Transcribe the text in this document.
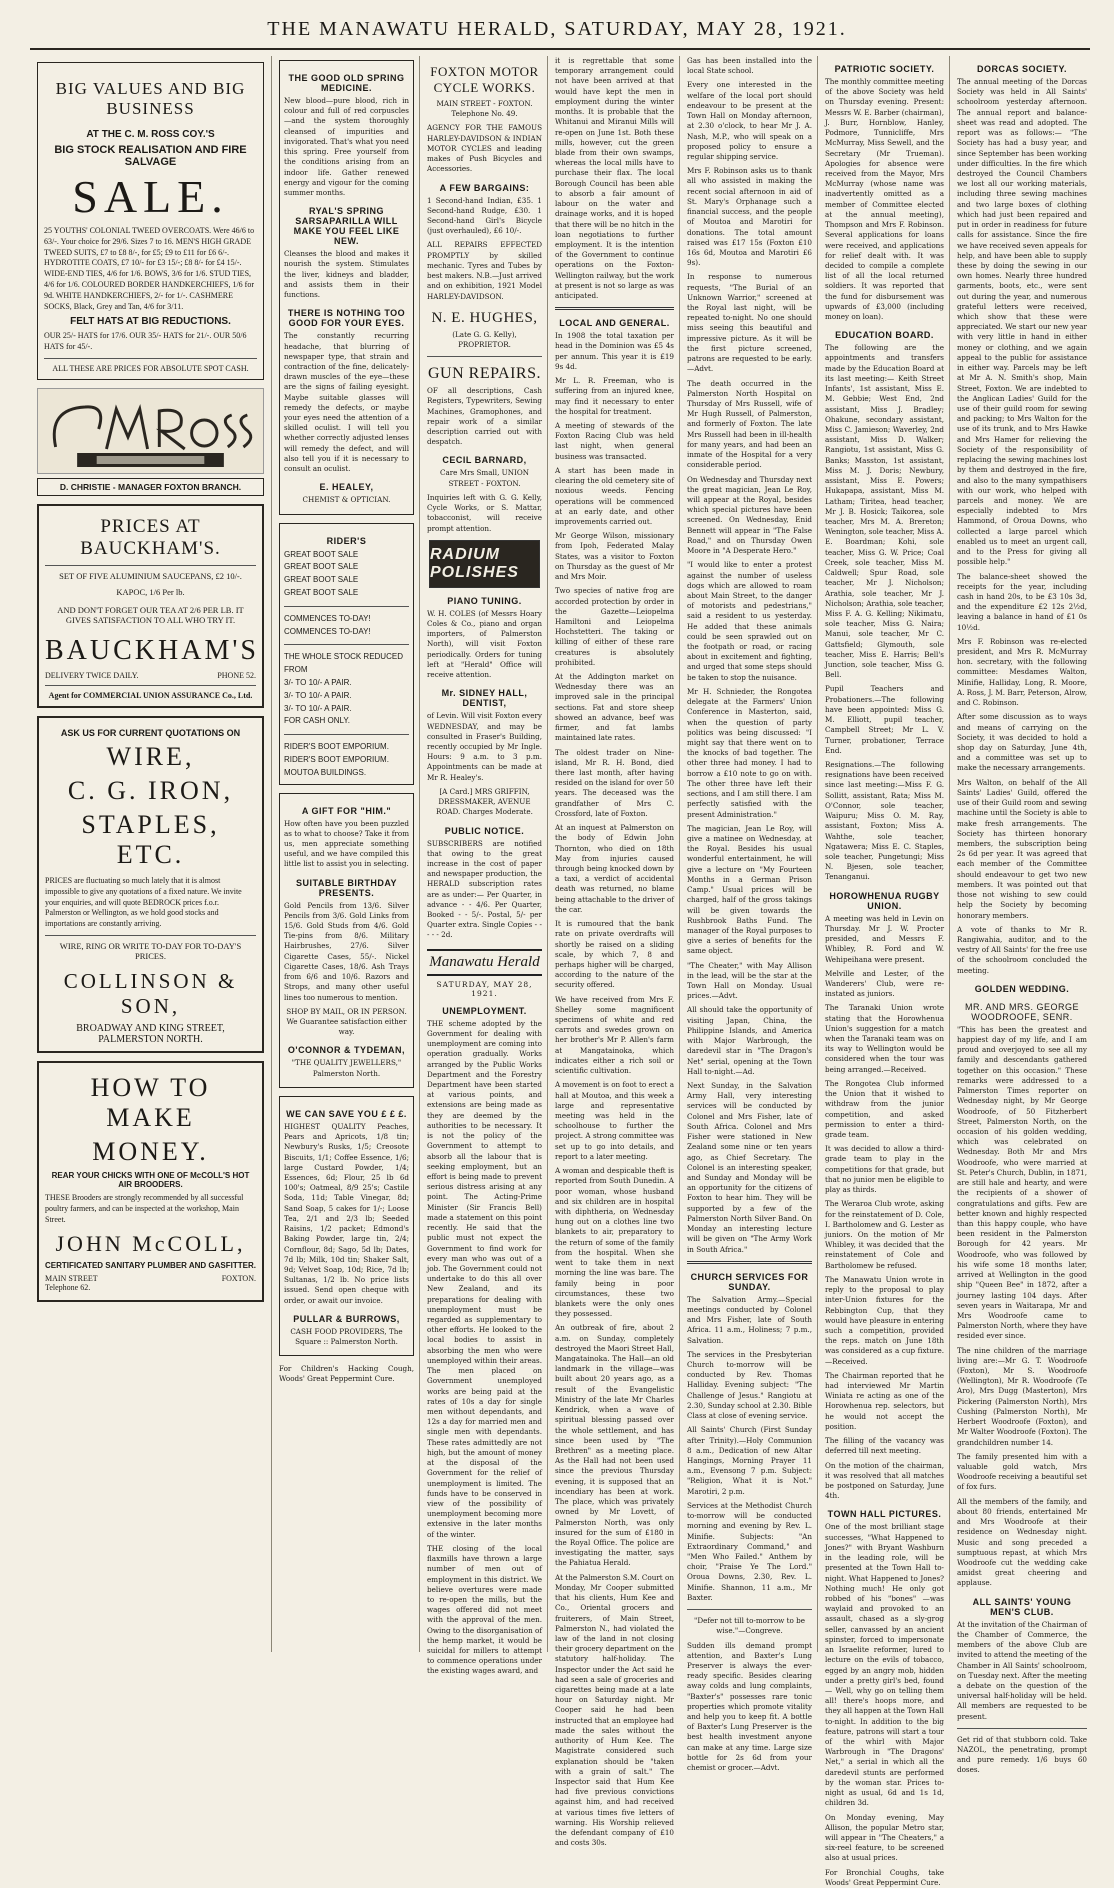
THE MANAWATU HERALD, SATURDAY, MAY 28, 1921.
BIG VALUES AND BIG
BUSINESS
AT THE C. M. ROSS COY.'S
BIG STOCK REALISATION AND FIRE SALVAGE
SALE.
25 YOUTHS' COLONIAL TWEED OVERCOATS. Were 46/6 to 63/-. Your choice for 29/6. Sizes 7 to 16. MEN'S HIGH GRADE TWEED SUITS, £7 to £8 8/-, for £5; £9 to £11 for £6 6/-. HYDROTITE COATS, £7 10/- for £3 15/-; £8 8/- for £4 15/-. WIDE-END TIES, 4/6 for 1/6. BOWS, 3/6 for 1/6. STUD TIES, 4/6 for 1/6. COLOURED BORDER HANDKERCHIEFS, 1/6 for 9d. WHITE HANDKERCHIEFS, 2/- for 1/-. CASHMERE SOCKS, Black, Grey and Tan, 4/6 for 3/11.
FELT HATS AT BIG REDUCTIONS.
OUR 25/- HATS for 17/6. OUR 35/- HATS for 21/-. OUR 50/6 HATS for 45/-.
ALL THESE ARE PRICES FOR ABSOLUTE SPOT CASH.
D. CHRISTIE - MANAGER FOXTON BRANCH.
PRICES AT BAUCKHAM'S.
SET OF FIVE ALUMINIUM SAUCEPANS, £2 10/-.
KAPOC, 1/6 Per lb.
AND DON'T FORGET OUR TEA AT 2/6 PER LB. IT GIVES SATISFACTION TO ALL WHO TRY IT.
BAUCKHAM'S
DELIVERY TWICE DAILY.	PHONE 52.
Agent for COMMERCIAL UNION ASSURANCE Co., Ltd.
ASK US FOR CURRENT QUOTATIONS ON
WIRE,
C. G. IRON,
STAPLES, ETC.
PRICES are fluctuating so much lately that it is almost impossible to give any quotations of a fixed nature. We invite your enquiries, and will quote BEDROCK prices f.o.r. Palmerston or Wellington, as we hold good stocks and importations are constantly arriving.
WIRE, RING OR WRITE TO-DAY FOR TO-DAY'S PRICES.
COLLINSON & SON,
BROADWAY AND KING STREET,
PALMERSTON NORTH.
HOW TO MAKE
MONEY.
REAR YOUR CHICKS WITH ONE OF McCOLL'S HOT AIR BROODERS.
THESE Brooders are strongly recommended by all successful poultry farmers, and can be inspected at the workshop, Main Street.
JOHN McCOLL,
CERTIFICATED SANITARY PLUMBER AND GASFITTER.
MAIN STREET	FOXTON.
Telephone 62.
THE GOOD OLD SPRING MEDICINE.
New blood—pure blood, rich in colour and full of red corpuscles—and the system thoroughly cleansed of impurities and invigorated. That's what you need this spring. Free yourself from the conditions arising from an indoor life. Gather renewed energy and vigour for the coming summer months.
RYAL'S SPRING SARSAPARILLA WILL MAKE YOU FEEL LIKE NEW.
Cleanses the blood and makes it nourish the system. Stimulates the liver, kidneys and bladder, and assists them in their functions.
THERE IS NOTHING TOO GOOD FOR YOUR EYES.
The constantly recurring headache, that blurring of newspaper type, that strain and contraction of the fine, delicately-drawn muscles of the eye—these are the signs of failing eyesight. Maybe suitable glasses will remedy the defects, or maybe your eyes need the attention of a skilled oculist. I will tell you whether correctly adjusted lenses will remedy the defect, and will also tell you if it is necessary to consult an oculist.
E. HEALEY,
CHEMIST & OPTICIAN.
RIDER'S
GREAT BOOT SALE
GREAT BOOT SALE
GREAT BOOT SALE
GREAT BOOT SALE
COMMENCES TO-DAY! COMMENCES TO-DAY!
THE WHOLE STOCK REDUCED FROM
3/- TO 10/- A PAIR.
3/- TO 10/- A PAIR.
3/- TO 10/- A PAIR.
FOR CASH ONLY.
RIDER'S BOOT EMPORIUM. RIDER'S BOOT EMPORIUM.
MOUTOA BUILDINGS.
A GIFT FOR "HIM."
How often have you been puzzled as to what to choose? Take it from us, men appreciate something useful, and we have compiled this little list to assist you in selecting.
SUITABLE BIRTHDAY PRESENTS.
Gold Pencils from 13/6. Silver Pencils from 3/6. Gold Links from 15/6. Gold Studs from 4/6. Gold Tie-pins from 8/6. Military Hairbrushes, 27/6. Silver Cigarette Cases, 55/-. Nickel Cigarette Cases, 18/6. Ash Trays from 6/6 and 10/6. Razors and Strops, and many other useful lines too numerous to mention.
SHOP BY MAIL, OR IN PERSON. We Guarantee satisfaction either way.
O'CONNOR & TYDEMAN,
"THE QUALITY JEWELLERS," Palmerston North.
WE CAN SAVE YOU £ £ £.
HIGHEST QUALITY Peaches, Pears and Apricots, 1/8 tin; Newbury's Rusks, 1/5; Creosote Biscuits, 1/1; Coffee Essence, 1/6; large Custard Powder, 1/4; Essences, 6d; Flour, 25 lb 6d 100's; Oatmeal, 8/9 25's; Castile Soda, 11d; Table Vinegar, 8d; Sand Soap, 5 cakes for 1/-; Loose Tea, 2/1 and 2/3 lb; Seeded Raisins, 1/2 packet; Edmond's Baking Powder, large tin, 2/4; Cornflour, 8d; Sago, 5d lb; Dates, 7d lb; Milk, 10d tin; Shaker Salt, 9d; Velvet Soap, 10d; Rice, 7d lb; Sultanas, 1/2 lb. No price lists issued. Send open cheque with order, or await our invoice.
PULLAR & BURROWS,
CASH FOOD PROVIDERS, The Square :: Palmerston North.
For Children's Hacking Cough, Woods' Great Peppermint Cure.
FOXTON MOTOR CYCLE WORKS.
MAIN STREET - FOXTON. Telephone No. 49.
AGENCY FOR THE FAMOUS HARLEY-DAVIDSON & INDIAN MOTOR CYCLES and leading makes of Push Bicycles and Accessories.
A FEW BARGAINS:
1 Second-hand Indian, £35. 1 Second-hand Rudge, £30. 1 Second-hand Girl's Bicycle (just overhauled), £6 10/-.
ALL REPAIRS EFFECTED PROMPTLY by skilled mechanic. Tyres and Tubes by best makers. N.B.—Just arrived and on exhibition, 1921 Model HARLEY-DAVIDSON.
N. E. HUGHES,
(Late G. G. Kelly), PROPRIETOR.
GUN REPAIRS.
OF all descriptions, Cash Registers, Typewriters, Sewing Machines, Gramophones, and repair work of a similar description carried out with despatch.
CECIL BARNARD,
Care Mrs Small, UNION STREET - FOXTON.
Inquiries left with G. G. Kelly, Cycle Works, or S. Mattar, tobacconist, will receive prompt attention.
RADIUM POLISHES
PIANO TUNING.
W. H. COLES (of Messrs Hoary Coles & Co., piano and organ importers, of Palmerston North), will visit Foxton periodically. Orders for tuning left at "Herald" Office will receive attention.
Mr. SIDNEY HALL, DENTIST,
of Levin. Will visit Foxton every WEDNESDAY, and may be consulted in Fraser's Building, recently occupied by Mr Ingle. Hours: 9 a.m. to 3 p.m. Appointments can be made at Mr R. Healey's.
[A Card.] MRS GRIFFIN, DRESSMAKER, AVENUE ROAD. Charges Moderate.
PUBLIC NOTICE.
SUBSCRIBERS are notified that owing to the great increase in the cost of paper and newspaper production, the HERALD subscription rates are as under:— Per Quarter, in advance - - 4/6. Per Quarter, Booked - - 5/-. Postal, 5/- per Quarter extra. Single Copies - - - - - 2d.
Manawatu Herald
SATURDAY, MAY 28, 1921.
UNEMPLOYMENT.
THE scheme adopted by the Government for dealing with unemployment are coming into operation gradually. Works arranged by the Public Works Department and the Forestry Department have been started at various points, and extensions are being made as they are deemed by the authorities to be necessary. It is not the policy of the Government to attempt to absorb all the labour that is seeking employment, but an effort is being made to prevent serious distress arising at any point. The Acting-Prime Minister (Sir Francis Bell) made a statement on this point recently. He said that the public must not expect the Government to find work for every man who was out of a job. The Government could not undertake to do this all over New Zealand, and its preparations for dealing with unemployment must be regarded as supplementary to other efforts. He looked to the local bodies to assist in absorbing the men who were unemployed within their areas. The men placed on Government unemployed works are being paid at the rates of 10s a day for single men without dependants, and 12s a day for married men and single men with dependants. These rates admittedly are not high, but the amount of money at the disposal of the Government for the relief of unemployment is limited. The funds have to be conserved in view of the possibility of unemployment becoming more extensive in the later months of the winter.
THE closing of the local flaxmills have thrown a large number of men out of employment in this district. We believe overtures were made to re-open the mills, but the wages offered did not meet with the approval of the men. Owing to the disorganisation of the hemp market, it would be suicidal for millers to attempt to commence operations under the existing wages award, and
it is regrettable that some temporary arrangement could not have been arrived at that would have kept the men in employment during the winter months. It is probable that the Whitanui and Miranui Mills will re-open on June 1st. Both these mills, however, cut the green blade from their own swamps, whereas the local mills have to purchase their flax. The local Borough Council has been able to absorb a fair amount of labour on the water and drainage works, and it is hoped that there will be no hitch in the loan negotiations to further employment. It is the intention of the Government to continue operations on the Foxton-Wellington railway, but the work at present is not so large as was anticipated.
LOCAL AND GENERAL.
In 1908 the total taxation per head in the Dominion was £5 4s per annum. This year it is £19 9s 4d.
Mr L. R. Freeman, who is suffering from an injured knee, may find it necessary to enter the hospital for treatment.
A meeting of stewards of the Foxton Racing Club was held last night, when general business was transacted.
A start has been made in clearing the old cemetery site of noxious weeds. Fencing operations will be commenced at an early date, and other improvements carried out.
Mr George Wilson, missionary from Ipoh, Federated Malay States, was a visitor to Foxton on Thursday as the guest of Mr and Mrs Moir.
Two species of native frog are accorded protection by order in the Gazette—Leiopelma Hamiltoni and Leiopelma Hochstetteri. The taking or killing of either of these rare creatures is absolutely prohibited.
At the Addington market on Wednesday there was an improved sale in the principal sections. Fat and store sheep showed an advance, beef was firmer, and fat lambs maintained late rates.
The oldest trader on Nine-island, Mr R. H. Bond, died there last month, after having resided on the island for over 50 years. The deceased was the grandfather of Mrs C. Crossford, late of Foxton.
At an inquest at Palmerston on the body of Edwin John Thornton, who died on 18th May from injuries caused through being knocked down by a taxi, a verdict of accidental death was returned, no blame being attachable to the driver of the car.
It is rumoured that the bank rate on private overdrafts will shortly be raised on a sliding scale, by which 7, 8 and perhaps higher will be charged, according to the nature of the security offered.
We have received from Mrs F. Shelley some magnificent specimens of white and red carrots and swedes grown on her brother's Mr P. Allen's farm at Mangatainoka, which indicates either a rich soil or scientific cultivation.
A movement is on foot to erect a hall at Moutoa, and this week a large and representative meeting was held in the schoolhouse to further the project. A strong committee was set up to go into details, and report to a later meeting.
A woman and despicable theft is reported from South Dunedin. A poor woman, whose husband and six children are in hospital with diphtheria, on Wednesday hung out on a clothes line two blankets to air, preparatory to the return of some of the family from the hospital. When she went to take them in next morning the line was bare. The family being in poor circumstances, these two blankets were the only ones they possessed.
An outbreak of fire, about 2 a.m. on Sunday, completely destroyed the Maori Street Hall, Mangatainoka. The Hall—an old landmark in the village—was built about 20 years ago, as a result of the Evangelistic Ministry of the late Mr Charles Kendrick, when a wave of spiritual blessing passed over the whole settlement, and has since been used by "The Brethren" as a meeting place. As the Hall had not been used since the previous Thursday evening, it is supposed that an incendiary has been at work. The place, which was privately owned by Mr Lovett, of Palmerston North, was only insured for the sum of £180 in the Royal Office. The police are investigating the matter, says the Pahiatua Herald.
At the Palmerston S.M. Court on Monday, Mr Cooper submitted that his clients, Hum Kee and Co., Oriental grocers and fruiterers, of Main Street, Palmerston N., had violated the law of the land in not closing their grocery department on the statutory half-holiday. The Inspector under the Act said he had seen a sale of groceries and cigarettes being made at a late hour on Saturday night. Mr Cooper said he had been instructed that an employee had made the sales without the authority of Hum Kee. The Magistrate considered such explanation should be "taken with a grain of salt." The Inspector said that Hum Kee had five previous convictions against him, and had received at various times five letters of warning. His Worship relieved the defendant company of £10 and costs 30s.
Gas has been installed into the local State school.
Every one interested in the welfare of the local port should endeavour to be present at the Town Hall on Monday afternoon, at 2.30 o'clock, to hear Mr J. A. Nash, M.P., who will speak on a proposed policy to ensure a regular shipping service.
Mrs F. Robinson asks us to thank all who assisted in making the recent social afternoon in aid of St. Mary's Orphanage such a financial success, and the people of Moutoa and Marotiri for donations. The total amount raised was £17 15s (Foxton £10 16s 6d, Moutoa and Marotiri £6 9s).
In response to numerous requests, "The Burial of an Unknown Warrior," screened at the Royal last night, will be repeated to-night. No one should miss seeing this beautiful and impressive picture. As it will be the first picture screened, patrons are requested to be early.—Advt.
The death occurred in the Palmerston North Hospital on Thursday of Mrs Russell, wife of Mr Hugh Russell, of Palmerston, and formerly of Foxton. The late Mrs Russell had been in ill-health for many years, and had been an inmate of the Hospital for a very considerable period.
On Wednesday and Thursday next the great magician, Jean Le Roy, will appear at the Royal, besides which special pictures have been screened. On Wednesday, Enid Bennett will appear in "The False Road," and on Thursday Owen Moore in "A Desperate Hero."
"I would like to enter a protest against the number of useless dogs which are allowed to roam about Main Street, to the danger of motorists and pedestrians," said a resident to us yesterday. He added that these animals could be seen sprawled out on the footpath or road, or racing about in excitement and fighting, and urged that some steps should be taken to stop the nuisance.
Mr H. Schnieder, the Rongotea delegate at the Farmers' Union Conference in Masterton, said, when the question of party politics was being discussed: "I might say that there went on to the knocks of bad together. The other three had money. I had to borrow a £10 note to go on with. The other three have left their sections, and I am still there. I am perfectly satisfied with the present Administration."
The magician, Jean Le Roy, will give a matinee on Wednesday, at the Royal. Besides his usual wonderful entertainment, he will give a lecture on "My Fourteen Months in a German Prison Camp." Usual prices will be charged, half of the gross takings will be given towards the Rushbrook Baths Fund. The manager of the Royal purposes to give a series of benefits for the same object.
"The Cheater," with May Allison in the lead, will be the star at the Town Hall on Monday. Usual prices.—Advt.
All should take the opportunity of visiting Japan, China, the Philippine Islands, and America with Major Warbrough, the daredevil star in "The Dragon's Net" serial, opening at the Town Hall to-night.—Ad.
Next Sunday, in the Salvation Army Hall, very interesting services will be conducted by Colonel and Mrs Fisher, late of South Africa. Colonel and Mrs Fisher were stationed in New Zealand some nine or ten years ago, as Chief Secretary. The Colonel is an interesting speaker, and Sunday and Monday will be an opportunity for the citizens of Foxton to hear him. They will be supported by a few of the Palmerston North Silver Band. On Monday an interesting lecture will be given on "The Army Work in South Africa."
CHURCH SERVICES FOR SUNDAY.
The Salvation Army.—Special meetings conducted by Colonel and Mrs Fisher, late of South Africa. 11 a.m., Holiness; 7 p.m., Salvation.
The services in the Presbyterian Church to-morrow will be conducted by Rev. Thomas Halliday. Evening subject: "The Challenge of Jesus." Rangiotu at 2.30, Sunday school at 2.30. Bible Class at close of evening service.
All Saints' Church (First Sunday after Trinity).—Holy Communion 8 a.m., Dedication of new Altar Hangings, Morning Prayer 11 a.m., Evensong 7 p.m. Subject: "Religion, What it is Not." Marotiri, 2 p.m.
Services at the Methodist Church to-morrow will be conducted morning and evening by Rev. L. Minifie. Subjects: "An Extraordinary Command," and "Men Who Failed." Anthem by choir, "Praise Ye The Lord." Oroua Downs, 2.30, Rev. L. Minifie. Shannon, 11 a.m., Mr Baxter.
"Defer not till to-morrow to be wise."—Congreve.
Sudden ills demand prompt attention, and Baxter's Lung Preserver is always the ever-ready specific. Besides clearing away colds and lung complaints, "Baxter's" possesses rare tonic properties which promote vitality and help you to keep fit. A bottle of Baxter's Lung Preserver is the best health investment anyone can make at any time. Large size bottle for 2s 6d from your chemist or grocer.—Advt.
PATRIOTIC SOCIETY.
The monthly committee meeting of the above Society was held on Thursday evening. Present: Messrs W. E. Barber (chairman), J. Burr, Hornblow, Hanley, Podmore, Tunnicliffe, Mrs McMurray, Miss Sewell, and the Secretary (Mr Trueman). Apologies for absence were received from the Mayor, Mrs McMurray (whose name was inadvertently omitted as a member of Committee elected at the annual meeting), Thompson and Mrs F. Robinson. Several applications for loans were received, and applications for relief dealt with. It was decided to compile a complete list of all the local returned soldiers. It was reported that the fund for disbursement was upwards of £3,000 (including money on loan).
EDUCATION BOARD.
The following are the appointments and transfers made by the Education Board at its last meeting:— Keith Street Infants', 1st assistant, Miss E. M. Gebbie; West End, 2nd assistant, Miss J. Bradley; Ohakune, secondary assistant, Miss C. Jamieson; Waverley, 2nd assistant, Miss D. Walker; Rangiotu, 1st assistant, Miss G. Banks; Masston, 1st assistant, Miss M. J. Doris; Newbury, assistant, Miss E. Powers; Hukapapa, assistant, Miss M. Latham; Tiritea, head teacher, Mr J. B. Hosick; Taikorea, sole teacher, Mrs M. A. Brereton; Wenington, sole teacher, Miss A. E. Boardman; Kohi, sole teacher, Miss G. W. Price; Coal Creek, sole teacher, Miss M. Caldwell; Spur Road, sole teacher, Mr J. Nicholson; Arathia, sole teacher, Mr J. Nicholson; Arathia, sole teacher, Miss F. A. G. Kelling; Nikimatu, sole teacher, Miss G. Naira; Manui, sole teacher, Mr C. Gattsfield; Glymouth, sole teacher, Miss E. Harris; Bell's Junction, sole teacher, Miss G. Bell.
Pupil Teachers and Probationers.—The following have been appointed: Miss G. M. Elliott, pupil teacher, Campbell Street; Mr L. V. Turner, probationer, Terrace End.
Resignations.—The following resignations have been received since last meeting:—Miss F. G. Sollitt, assistant, Rata; Miss M. O'Connor, sole teacher, Waipuru; Miss O. M. Ray, assistant, Foxton; Miss A. Wahthe, sole teacher, Ngatawera; Miss E. C. Staples, sole teacher, Pungetungi; Miss N. Bjesen, sole teacher, Tenanganui.
HOROWHENUA RUGBY UNION.
A meeting was held in Levin on Thursday. Mr J. W. Procter presided, and Messrs F. Whibley, R. Ford and W. Wehipeihana were present.
Melville and Lester, of the Wanderers' Club, were re-instated as juniors.
The Taranaki Union wrote stating that the Horowhenua Union's suggestion for a match when the Taranaki team was on its way to Wellington would be considered when the tour was being arranged.—Received.
The Rongotea Club informed the Union that it wished to withdraw from the junior competition, and asked permission to enter a third-grade team.
It was decided to allow a third-grade team to play in the competitions for that grade, but that no junior men be eligible to play as thirds.
The Weraroa Club wrote, asking for the reinstatement of D. Cole, I. Bartholomew and G. Lester as juniors. On the motion of Mr Whibley, it was decided that the reinstatement of Cole and Bartholomew be refused.
The Manawatu Union wrote in reply to the proposal to play inter-Union fixtures for the Rebbington Cup, that they would have pleasure in entering such a competition, provided the reps. match on June 18th was considered as a cup fixture.—Received.
The Chairman reported that he had interviewed Mr Martin Winiata re acting as one of the Horowhenua rep. selectors, but he would not accept the position.
The filling of the vacancy was deferred till next meeting.
On the motion of the chairman, it was resolved that all matches be postponed on Saturday, June 4th.
TOWN HALL PICTURES.
One of the most brilliant stage successes, "What Happened to Jones?" with Bryant Washburn in the leading role, will be presented at the Town Hall to-night. What Happened to Jones? Nothing much! He only got robbed of his "bones" —was waylaid and provoked to an assault, chased as a sly-grog seller, canvassed by an ancient spinster, forced to impersonate an Israelite reformer, lured to lecture on the evils of tobacco, egged by an angry mob, hidden under a pretty girl's bed, found — Well, why go on telling them all! there's hoops more, and they all happen at the Town Hall to-night. In addition to the big feature, patrons will start a tour of the whirl with Major Warbrough in "The Dragons' Net," a serial in which all the daredevil stunts are performed by the woman star. Prices to-night as usual, 6d and 1s 1d, children 3d.
On Monday evening, May Allison, the popular Metro star, will appear in "The Cheaters," a six-reel feature, to be screened also at usual prices.
For Bronchial Coughs, take Woods' Great Peppermint Cure.
DORCAS SOCIETY.
The annual meeting of the Dorcas Society was held in All Saints' schoolroom yesterday afternoon. The annual report and balance-sheet was read and adopted. The report was as follows:— "The Society has had a busy year, and since September has been working under difficulties. In the fire which destroyed the Council Chambers we lost all our working materials, including three sewing machines and two large boxes of clothing which had just been repaired and put in order in readiness for future calls for assistance. Since the fire we have received seven appeals for help, and have been able to supply these by doing the sewing in our own homes. Nearly three hundred garments, boots, etc., were sent out during the year, and numerous grateful letters were received, which show that these were appreciated. We start our new year with very little in hand in either money or clothing, and we again appeal to the public for assistance in either way. Parcels may be left at Mr A. N. Smith's shop, Main Street, Foxton. We are indebted to the Anglican Ladies' Guild for the use of their guild room for sewing and packing; to Mrs Walton for the use of its trunk, and to Mrs Hawke and Mrs Hamer for relieving the Society of the responsibility of replacing the sewing machines lost by them and destroyed in the fire, and also to the many sympathisers with our work, who helped with parcels and money. We are especially indebted to Mrs Hammond, of Oroua Downs, who collected a large parcel which enabled us to meet an urgent call, and to the Press for giving all possible help."
The balance-sheet showed the receipts for the year, including cash in hand 20s, to be £3 10s 3d, and the expenditure £2 12s 2½d, leaving a balance in hand of £1 0s 10½d.
Mrs F. Robinson was re-elected president, and Mrs R. McMurray hon. secretary, with the following committee: Mesdames Walton, Minifie, Halliday, Long, R. Moore, A. Ross, J. M. Barr, Peterson, Alrow, and C. Robinson.
After some discussion as to ways and means of carrying on the Society, it was decided to hold a shop day on Saturday, June 4th, and a committee was set up to make the necessary arrangements.
Mrs Walton, on behalf of the All Saints' Ladies' Guild, offered the use of their Guild room and sewing machine until the Society is able to make fresh arrangements. The Society has thirteen honorary members, the subscription being 2s 6d per year. It was agreed that each member of the Committee should endeavour to get two new members. It was pointed out that those not wishing to sew could help the Society by becoming honorary members.
A vote of thanks to Mr R. Rangiwahia, auditor, and to the vestry of All Saints' for the free use of the schoolroom concluded the meeting.
GOLDEN WEDDING.
MR. AND MRS. GEORGE WOODROOFE, SENR.
"This has been the greatest and happiest day of my life, and I am proud and overjoyed to see all my family and descendants gathered together on this occasion." These remarks were addressed to a Palmerston Times reporter on Wednesday night, by Mr George Woodroofe, of 50 Fitzherbert Street, Palmerston North, on the occasion of his golden wedding, which was celebrated on Wednesday. Both Mr and Mrs Woodroofe, who were married at St. Peter's Church, Dublin, in 1871, are still hale and hearty, and were the recipients of a shower of congratulations and gifts. Few are better known and highly respected than this happy couple, who have been resident in the Palmerston Borough for 42 years. Mr Woodroofe, who was followed by his wife some 18 months later, arrived at Wellington in the good ship "Queen Bee" in 1872, after a journey lasting 104 days. After seven years in Waitarapa, Mr and Mrs Woodroofe came to Palmerston North, where they have resided ever since.
The nine children of the marriage living are:—Mr G. T. Woodroofe (Foxton), Mr S. Woodroofe (Wellington), Mr R. Woodroofe (Te Aro), Mrs Dugg (Masterton), Mrs Pickering (Palmerston North), Mrs Cushing (Palmerston North), Mr Herbert Woodroofe (Foxton), and Mr Walter Woodroofe (Foxton). The grandchildren number 14.
The family presented him with a valuable gold watch, Mrs Woodroofe receiving a beautiful set of fox furs.
All the members of the family, and about 80 friends, entertained Mr and Mrs Woodroofe at their residence on Wednesday night. Music and song preceded a sumptuous repast, at which Mrs Woodroofe cut the wedding cake amidst great cheering and applause.
ALL SAINTS' YOUNG MEN'S CLUB.
At the invitation of the Chairman of the Chamber of Commerce, the members of the above Club are invited to attend the meeting of the Chamber in All Saints' schoolroom, on Tuesday next. After the meeting a debate on the question of the universal half-holiday will be held. All members are requested to be present.
Get rid of that stubborn cold. Take NAZOL, the penetrating, prompt and pure remedy. 1/6 buys 60 doses.
